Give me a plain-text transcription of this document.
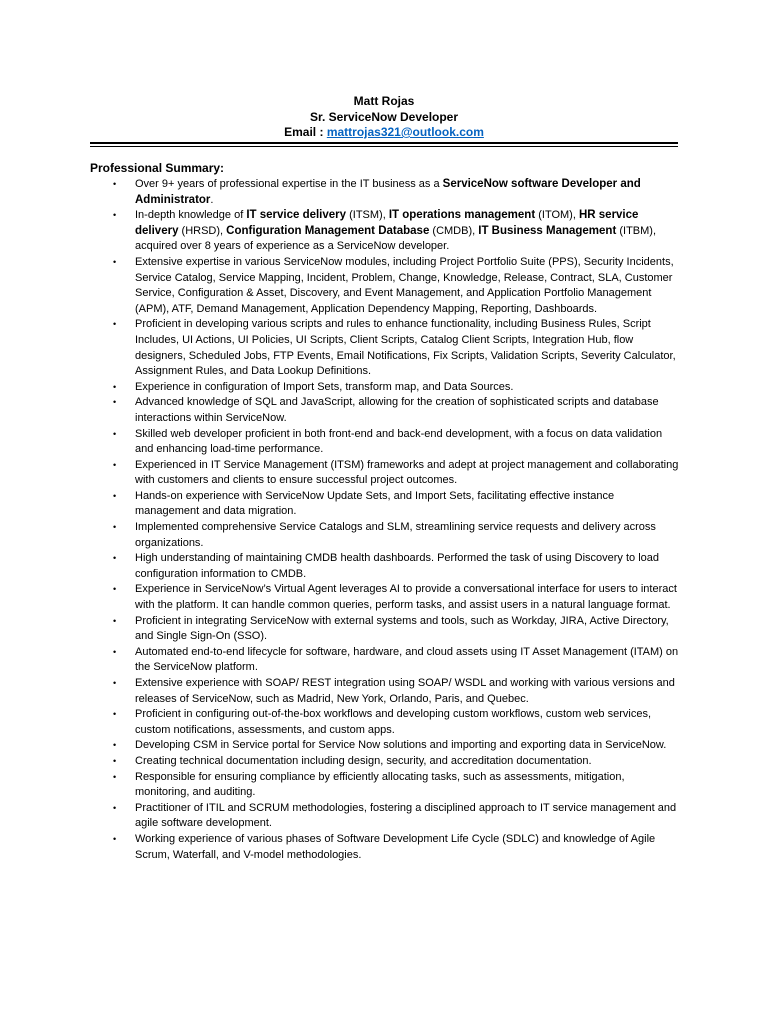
Matt Rojas
Sr. ServiceNow Developer
Email : mattrojas321@outlook.com
Professional Summary:
• Over 9+ years of professional expertise in the IT business as a ServiceNow software Developer and Administrator.
• In-depth knowledge of IT service delivery (ITSM), IT operations management (ITOM), HR service delivery (HRSD), Configuration Management Database (CMDB), IT Business Management (ITBM), acquired over 8 years of experience as a ServiceNow developer.
• Extensive expertise in various ServiceNow modules, including Project Portfolio Suite (PPS), Security Incidents, Service Catalog, Service Mapping, Incident, Problem, Change, Knowledge, Release, Contract, SLA, Customer Service, Configuration & Asset, Discovery, and Event Management, and Application Portfolio Management (APM), ATF, Demand Management, Application Dependency Mapping, Reporting, Dashboards.
• Proficient in developing various scripts and rules to enhance functionality, including Business Rules, Script Includes, UI Actions, UI Policies, UI Scripts, Client Scripts, Catalog Client Scripts, Integration Hub, flow designers, Scheduled Jobs, FTP Events, Email Notifications, Fix Scripts, Validation Scripts, Severity Calculator, Assignment Rules, and Data Lookup Definitions.
• Experience in configuration of Import Sets, transform map, and Data Sources.
• Advanced knowledge of SQL and JavaScript, allowing for the creation of sophisticated scripts and database interactions within ServiceNow.
• Skilled web developer proficient in both front-end and back-end development, with a focus on data validation and enhancing load-time performance.
• Experienced in IT Service Management (ITSM) frameworks and adept at project management and collaborating with customers and clients to ensure successful project outcomes.
• Hands-on experience with ServiceNow Update Sets, and Import Sets, facilitating effective instance management and data migration.
• Implemented comprehensive Service Catalogs and SLM, streamlining service requests and delivery across organizations.
• High understanding of maintaining CMDB health dashboards. Performed the task of using Discovery to load configuration information to CMDB.
• Experience in ServiceNow’s Virtual Agent leverages AI to provide a conversational interface for users to interact with the platform. It can handle common queries, perform tasks, and assist users in a natural language format.
• Proficient in integrating ServiceNow with external systems and tools, such as Workday, JIRA, Active Directory, and Single Sign-On (SSO).
• Automated end-to-end lifecycle for software, hardware, and cloud assets using IT Asset Management (ITAM) on the ServiceNow platform.
• Extensive experience with SOAP/ REST integration using SOAP/ WSDL and working with various versions and releases of ServiceNow, such as Madrid, New York, Orlando, Paris, and Quebec.
• Proficient in configuring out-of-the-box workflows and developing custom workflows, custom web services, custom notifications, assessments, and custom apps.
• Developing CSM in Service portal for Service Now solutions and importing and exporting data in ServiceNow.
• Creating technical documentation including design, security, and accreditation documentation.
• Responsible for ensuring compliance by efficiently allocating tasks, such as assessments, mitigation, monitoring, and auditing.
• Practitioner of ITIL and SCRUM methodologies, fostering a disciplined approach to IT service management and agile software development.
• Working experience of various phases of Software Development Life Cycle (SDLC) and knowledge of Agile Scrum, Waterfall, and V-model methodologies.
